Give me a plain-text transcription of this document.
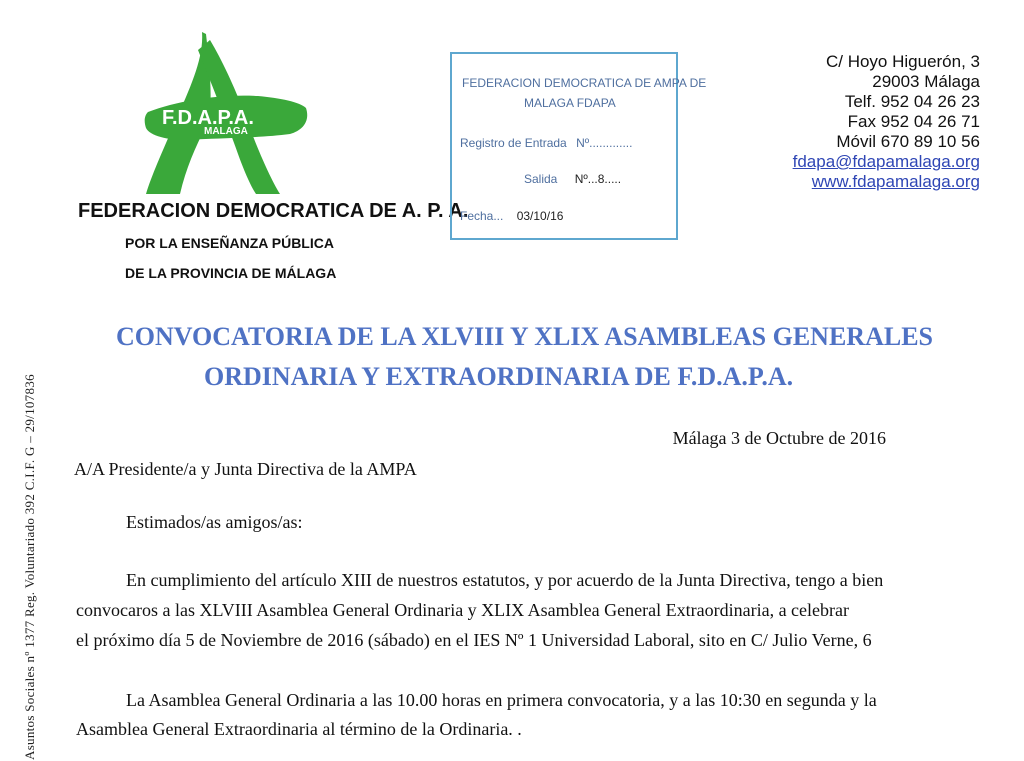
F.D.A.P.A.
MALAGA
FEDERACION DEMOCRATICA DE A. P. A.
POR LA ENSEÑANZA PÚBLICA
DE LA PROVINCIA DE MÁLAGA
FEDERACION DEMOCRATICA DE AMPA DE
MALAGA FDAPA
Registro de Entrada Nº.............
Salida Nº...8.....
Fecha... 03/10/16
C/ Hoyo Higuerón, 3
29003 Málaga
Telf. 952 04 26 23
Fax 952 04 26 71
Móvil 670 89 10 56
fdapa@fdapamalaga.org
www.fdapamalaga.org
CONVOCATORIA DE LA XLVIII Y XLIX ASAMBLEAS GENERALES
ORDINARIA Y EXTRAORDINARIA DE F.D.A.P.A.
Málaga 3 de Octubre de 2016
A/A Presidente/a y Junta Directiva de la AMPA
Estimados/as amigos/as:
En cumplimiento del artículo XIII de nuestros estatutos, y por acuerdo de la Junta Directiva, tengo a bien
convocaros a las XLVIII Asamblea General Ordinaria y XLIX Asamblea General Extraordinaria, a celebrar
el próximo día 5 de Noviembre de 2016 (sábado) en el IES Nº 1 Universidad Laboral, sito en C/ Julio Verne, 6
La Asamblea General Ordinaria a las 10.00 horas en primera convocatoria, y a las 10:30 en segunda y la
Asamblea General Extraordinaria al término de la Ordinaria. .
Asuntos Sociales nº 1377 Reg. Voluntariado 392 C.I.F. G – 29/107836
